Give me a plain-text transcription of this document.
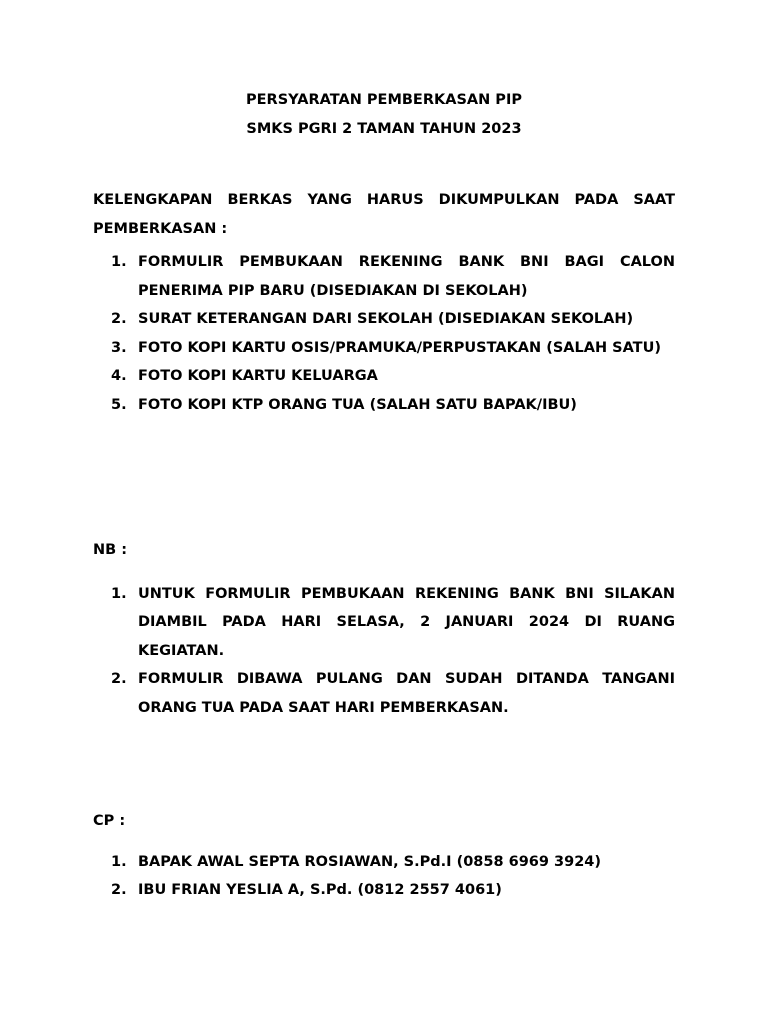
PERSYARATAN PEMBERKASAN PIP
SMKS PGRI 2 TAMAN TAHUN 2023

KELENGKAPAN BERKAS YANG HARUS DIKUMPULKAN PADA SAAT PEMBERKASAN :

1. FORMULIR PEMBUKAAN REKENING BANK BNI BAGI CALON PENERIMA PIP BARU (DISEDIAKAN DI SEKOLAH)
2. SURAT KETERANGAN DARI SEKOLAH (DISEDIAKAN SEKOLAH)
3. FOTO KOPI KARTU OSIS/PRAMUKA/PERPUSTAKAN (SALAH SATU)
4. FOTO KOPI KARTU KELUARGA
5. FOTO KOPI KTP ORANG TUA (SALAH SATU BAPAK/IBU)

NB :

1. UNTUK FORMULIR PEMBUKAAN REKENING BANK BNI SILAKAN DIAMBIL PADA HARI SELASA, 2 JANUARI 2024 DI RUANG KEGIATAN.
2. FORMULIR DIBAWA PULANG DAN SUDAH DITANDA TANGANI ORANG TUA PADA SAAT HARI PEMBERKASAN.

CP :

1. BAPAK AWAL SEPTA ROSIAWAN, S.Pd.I (0858 6969 3924)
2. IBU FRIAN YESLIA A, S.Pd. (0812 2557 4061)
